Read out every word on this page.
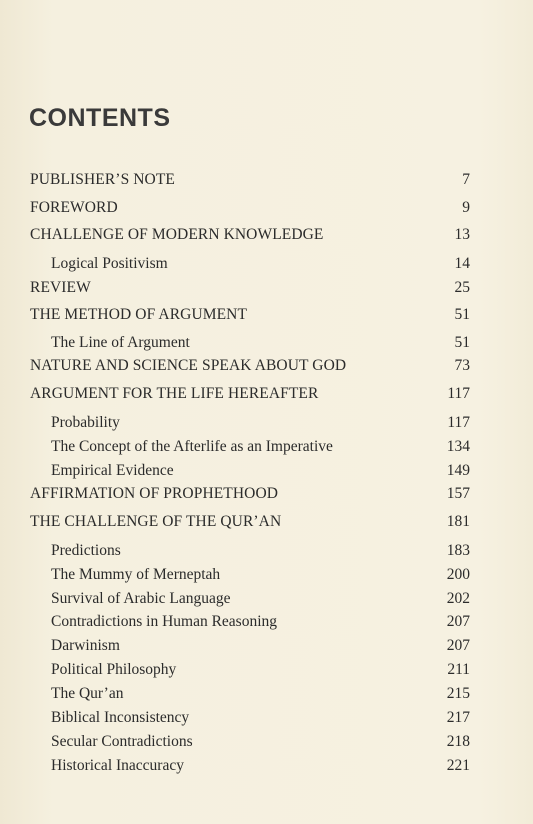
CONTENTS
PUBLISHER’S NOTE	7
FOREWORD	9
CHALLENGE OF MODERN KNOWLEDGE	13
Logical Positivism	14
REVIEW	25
THE METHOD OF ARGUMENT	51
The Line of Argument	51
NATURE AND SCIENCE SPEAK ABOUT GOD	73
ARGUMENT FOR THE LIFE HEREAFTER	117
Probability	117
The Concept of the Afterlife as an Imperative	134
Empirical Evidence	149
AFFIRMATION OF PROPHETHOOD	157
THE CHALLENGE OF THE QUR’AN	181
Predictions	183
The Mummy of Merneptah	200
Survival of Arabic Language	202
Contradictions in Human Reasoning	207
Darwinism	207
Political Philosophy	211
The Qur’an	215
Biblical Inconsistency	217
Secular Contradictions	218
Historical Inaccuracy	221
